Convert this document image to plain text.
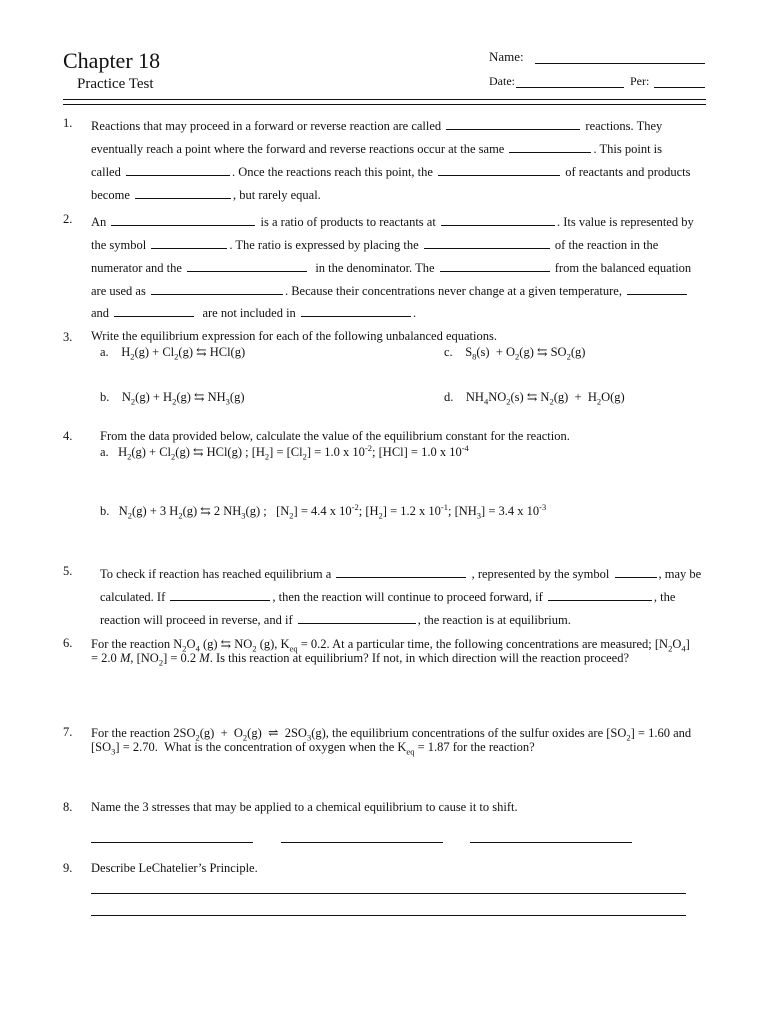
Chapter 18
Practice Test
Name:
Date:	Per:
1. Reactions that may proceed in a forward or reverse reaction are called	reactions. They
eventually reach a point where the forward and reverse reactions occur at the same	. This point is
called	. Once the reactions reach this point, the	of reactants and products
become	, but rarely equal.
2. An	is a ratio of products to reactants at	. Its value is represented by
the symbol	. The ratio is expressed by placing the	of the reaction in the
numerator and the	in the denominator. The	from the balanced equation
are used as	. Because their concentrations never change at a given temperature,
and	are not included in	.
3. Write the equilibrium expression for each of the following unbalanced equations.
a.    $H_2(g) + Cl_2(g)$ ⇆ HCl(g)	c.    $S_8(s) + O_2(g)$ ⇆ $SO_2(g)$
b.    $N_2(g) + H_2(g)$ ⇆ $NH_3(g)$	d.    $NH_4NO_2(s)$ ⇆ $N_2(g) + H_2O(g)$
4. From the data provided below, calculate the value of the equilibrium constant for the reaction.
a.   $H_2(g) + Cl_2(g)$ ⇆ HCl(g) ; $[H_2] = [Cl_2] = 1.0$ x $10^{-2}$; [HCl] = 1.0 x $10^{-4}$
b.   $N_2(g) + 3$ $H_2(g)$ ⇆ 2 $NH_3(g)$ ;   $[N_2] = 4.4$ x $10^{-2}$; $[H_2] = 1.2$ x $10^{-1}$; $[NH_3] = 3.4$ x $10^{-3}$
5. To check if reaction has reached equilibrium a	, represented by the symbol	, may be
calculated. If	, then the reaction will continue to proceed forward, if	, the
reaction will proceed in reverse, and if	, the reaction is at equilibrium.
6. For the reaction $N_2O_4$ (g) ⇆ $NO_2$ (g), $K_{eq} = 0.2$. At a particular time, the following concentrations are measured; $[N_2O_4]$
= 2.0 M, $[NO_2] = 0.2$ M. Is this reaction at equilibrium? If not, in which direction will the reaction proceed?
7. For the reaction $2SO_2(g) + O_2(g)$  ⇌  $2SO_3(g)$, the equilibrium concentrations of the sulfur oxides are $[SO_2] = 1.60$ and
$[SO_3] = 2.70$.  What is the concentration of oxygen when the $K_{eq} = 1.87$ for the reaction?
8. Name the 3 stresses that may be applied to a chemical equilibrium to cause it to shift.
9. Describe LeChatelier’s Principle.
